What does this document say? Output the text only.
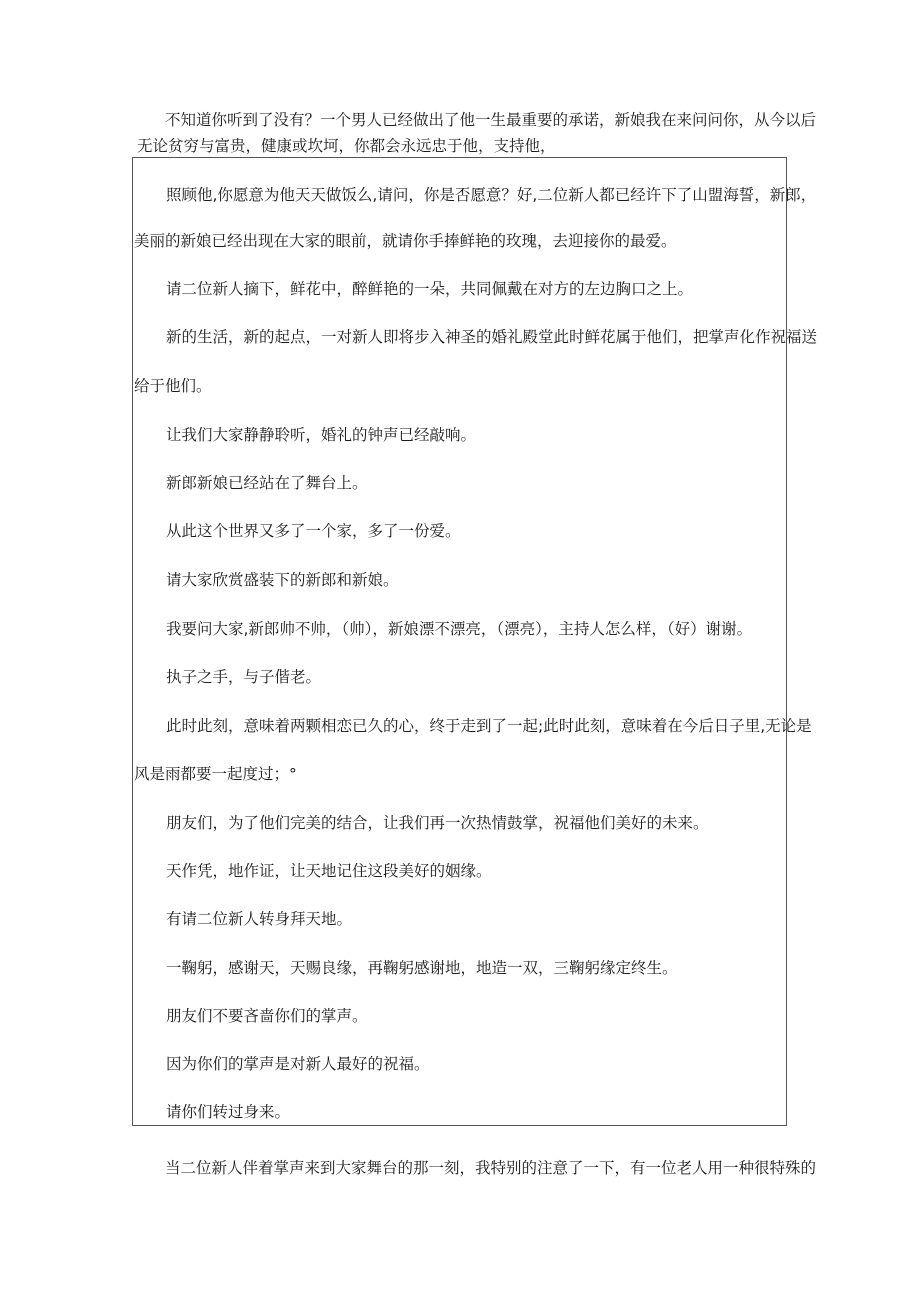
不知道你听到了没有？一个男人已经做出了他一生最重要的承诺，新娘我在来问问你，从今以后
无论贫穷与富贵，健康或坎坷，你都会永远忠于他，支持他，
照顾他,你愿意为他天天做饭么,请问，你是否愿意？好,二位新人都已经许下了山盟海誓，新郎，
美丽的新娘已经出现在大家的眼前，就请你手捧鲜艳的玫瑰，去迎接你的最爱。
请二位新人摘下，鲜花中，醉鲜艳的一朵，共同佩戴在对方的左边胸口之上。
新的生活，新的起点，一对新人即将步入神圣的婚礼殿堂此时鲜花属于他们，把掌声化作祝福送
给于他们。
让我们大家静静聆听，婚礼的钟声已经敲响。
新郎新娘已经站在了舞台上。
从此这个世界又多了一个家，多了一份爱。
请大家欣赏盛装下的新郎和新娘。
我要问大家,新郎帅不帅，（帅），新娘漂不漂亮，（漂亮），主持人怎么样，（好）谢谢。
执子之手，与子偕老。
此时此刻，意味着两颗相恋已久的心，终于走到了一起;此时此刻，意味着在今后日子里,无论是
风是雨都要一起度过；°
朋友们，为了他们完美的结合，让我们再一次热情鼓掌，祝福他们美好的未来。
天作凭，地作证，让天地记住这段美好的姻缘。
有请二位新人转身拜天地。
一鞠躬，感谢天，天赐良缘，再鞠躬感谢地，地造一双，三鞠躬缘定终生。
朋友们不要吝啬你们的掌声。
因为你们的掌声是对新人最好的祝福。
请你们转过身来。
当二位新人伴着掌声来到大家舞台的那一刻，我特别的注意了一下，有一位老人用一种很特殊的
